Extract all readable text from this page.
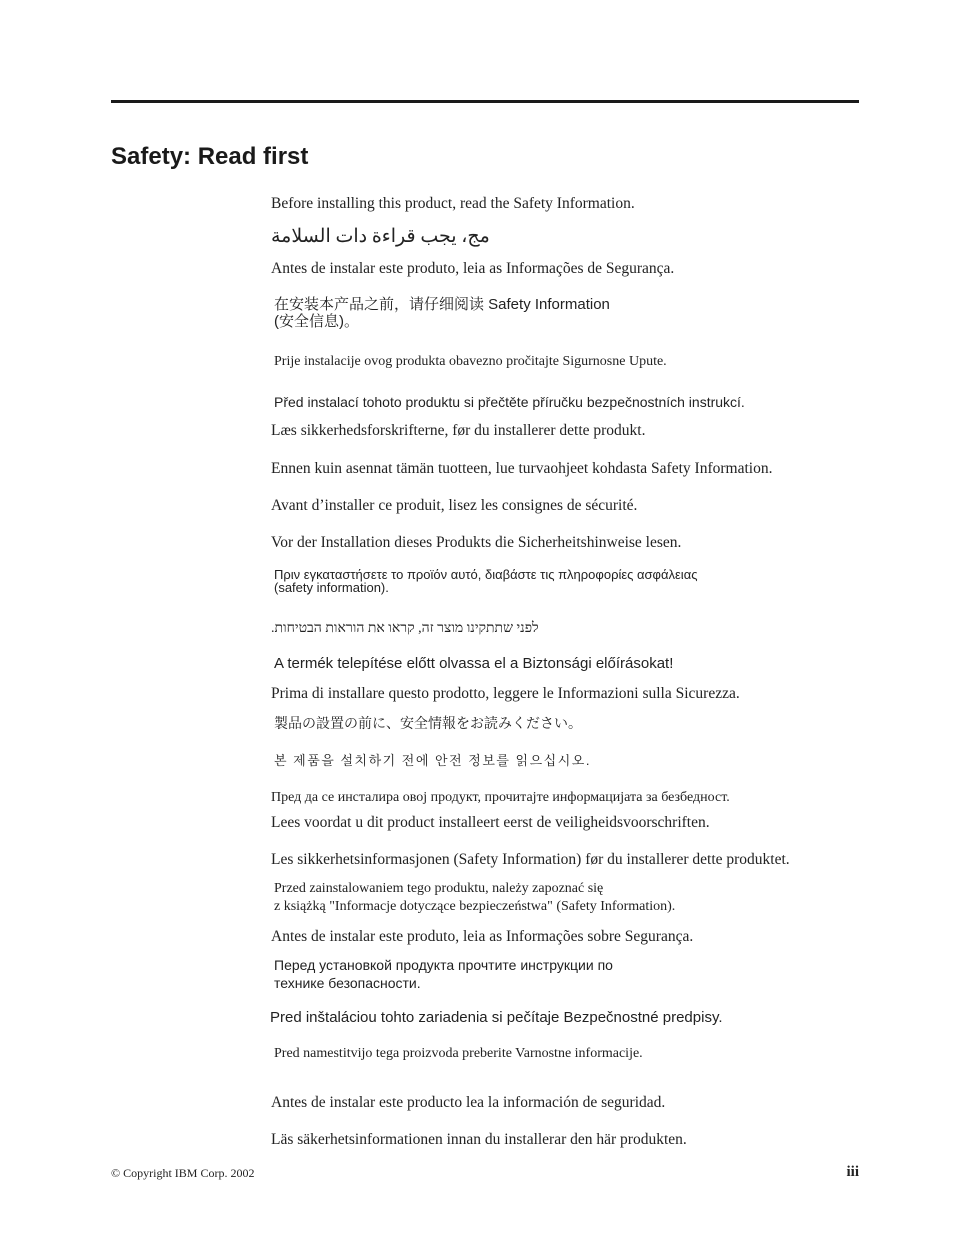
Safety: Read first

Before installing this product, read the Safety Information.

مج، يجب قراءة دات السلامة

Antes de instalar este produto, leia as Informações de Segurança.

在安装本产品之前，请仔细阅读 Safety Information

(安全信息)。

Prije instalacije ovog produkta obavezno pročitajte Sigurnosne Upute.

Před instalací tohoto produktu si přečtěte příručku bezpečnostních instrukcí.

Læs sikkerhedsforskrifterne, før du installerer dette produkt.

Ennen kuin asennat tämän tuotteen, lue turvaohjeet kohdasta Safety Information.

Avant d’installer ce produit, lisez les consignes de sécurité.

Vor der Installation dieses Produkts die Sicherheitshinweise lesen.

Πριν εγκαταστήσετε το προϊόν αυτό, διαβάστε τις πληροφορίες ασφάλειας

(safety information).

לפני שתתקינו מוצר זה, קראו את הוראות הבטיחות.

A termék telepítése előtt olvassa el a Biztonsági előírásokat!

Prima di installare questo prodotto, leggere le Informazioni sulla Sicurezza.

製品の設置の前に、安全情報をお読みください。

본 제품을 설치하기 전에 안전 정보를 읽으십시오.

Пред да се инсталира овој продукт, прочитајте информацијата за безбедност.

Lees voordat u dit product installeert eerst de veiligheidsvoorschriften.

Les sikkerhetsinformasjonen (Safety Information) før du installerer dette produktet.

Przed zainstalowaniem tego produktu, należy zapoznać się

z książką "Informacje dotyczące bezpieczeństwa" (Safety Information).

Antes de instalar este produto, leia as Informações sobre Segurança.

Перед установкой продукта прочтите инструкции по

технике безопасности.

Pred inštaláciou tohto zariadenia si pečítaje Bezpečnostné predpisy.

Pred namestitvijo tega proizvoda preberite Varnostne informacije.

Antes de instalar este producto lea la información de seguridad.

Läs säkerhetsinformationen innan du installerar den här produkten.

© Copyright IBM Corp. 2002	iii
